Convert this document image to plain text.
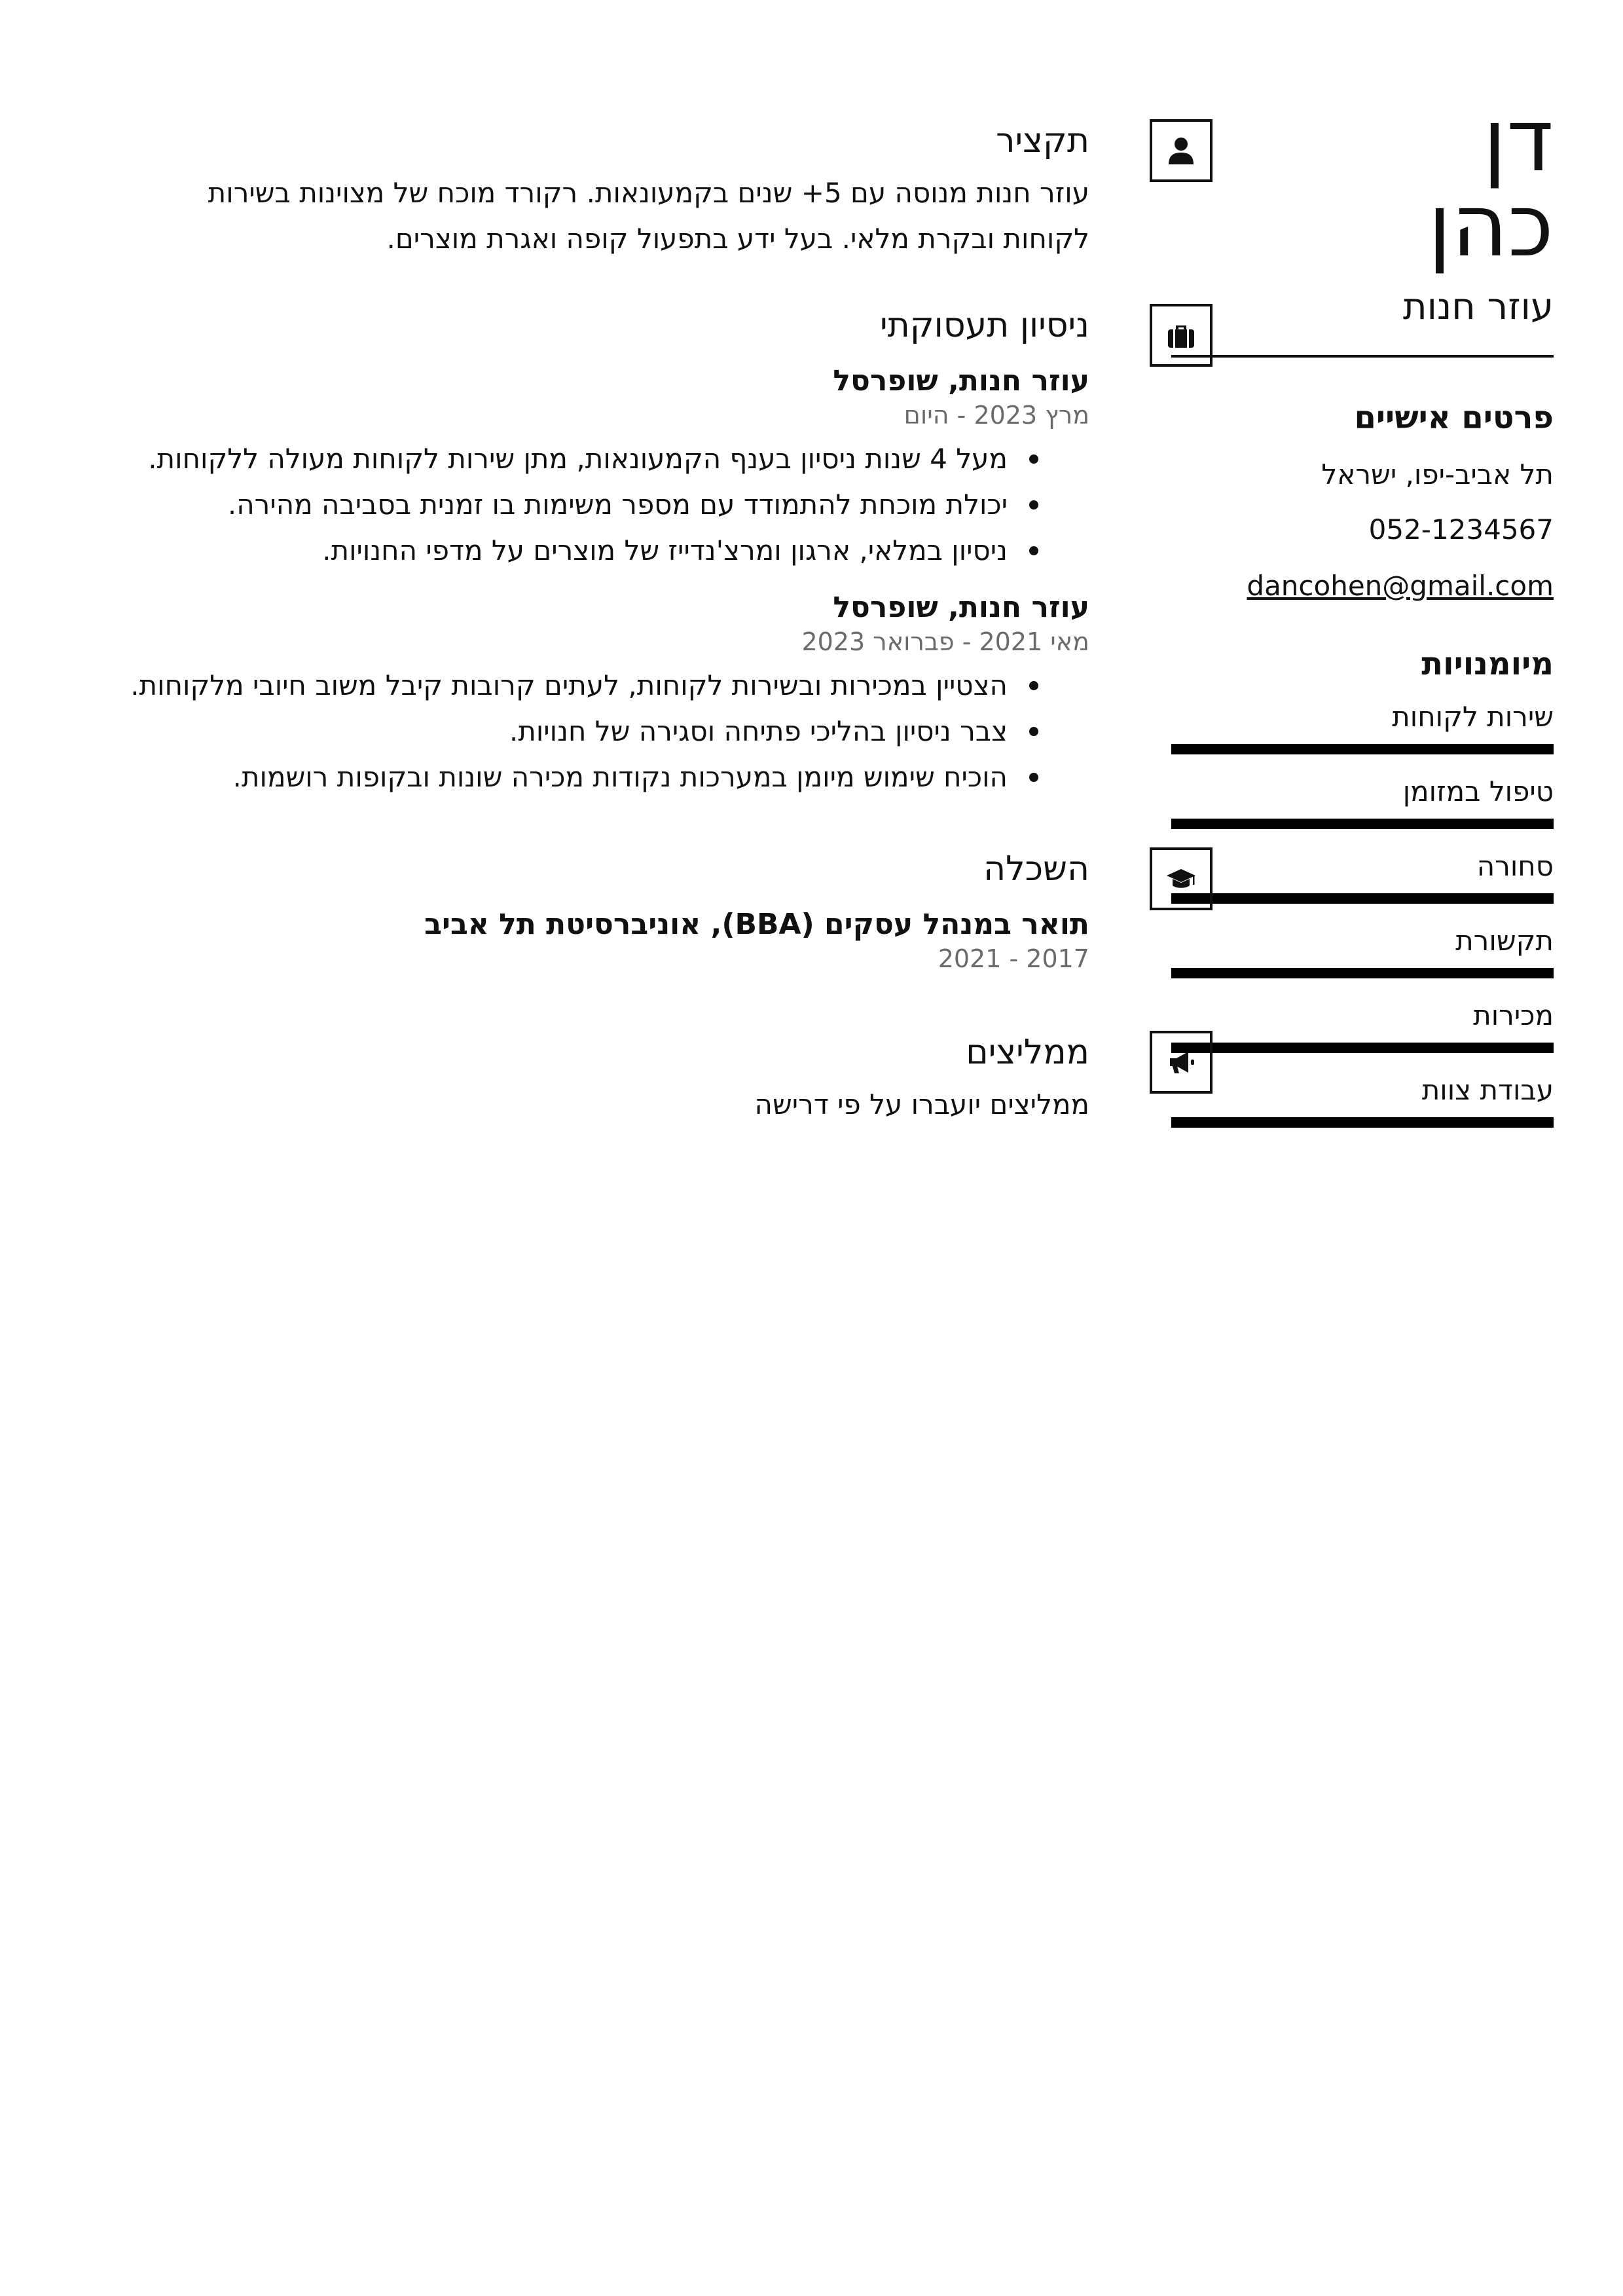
דן
כהן
עוזר חנות
פרטים אישיים
תל אביב-יפו, ישראל
052-1234567
dancohen@gmail.com
מיומנויות
שירות לקוחות
טיפול במזומן
סחורה
תקשורת
מכירות
עבודת צוות
תקציר
עוזר חנות מנוסה עם 5+ שנים בקמעונאות. רקורד מוכח של מצוינות בשירות לקוחות ובקרת מלאי. בעל ידע בתפעול קופה ואגרת מוצרים.
ניסיון תעסוקתי
עוזר חנות, שופרסל
מרץ 2023 - היום
מעל 4 שנות ניסיון בענף הקמעונאות, מתן שירות לקוחות מעולה ללקוחות.
יכולת מוכחת להתמודד עם מספר משימות בו זמנית בסביבה מהירה.
ניסיון במלאי, ארגון ומרצ'נדייז של מוצרים על מדפי החנויות.
עוזר חנות, שופרסל
מאי 2021 - פברואר 2023
הצטיין במכירות ובשירות לקוחות, לעתים קרובות קיבל משוב חיובי מלקוחות.
צבר ניסיון בהליכי פתיחה וסגירה של חנויות.
הוכיח שימוש מיומן במערכות נקודות מכירה שונות ובקופות רושמות.
השכלה
תואר במנהל עסקים (BBA), אוניברסיטת תל אביב
2017 - 2021
ממליצים
ממליצים יועברו על פי דרישה
